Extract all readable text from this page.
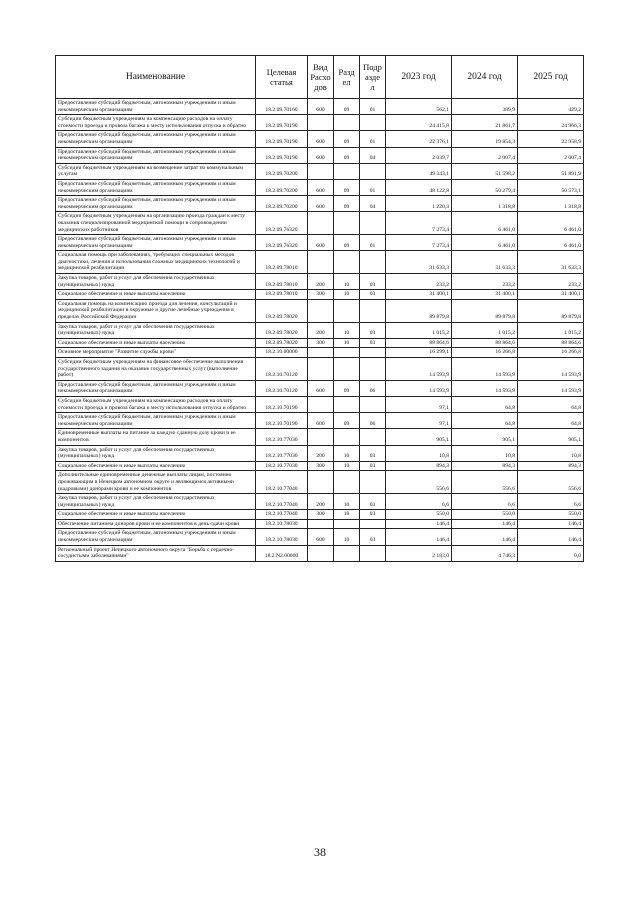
Наименование	Целевая статья	Вид Расхо дов	Разд ел	Подр азде л	2023 год	2024 год	2025 год
Предоставление субсидий бюджетным, автономным учреждениям и иным некоммерческим организациям	18.2.09.70160	600	09	01	562,1	389,9	429,2
Субсидии бюджетным учреждениям на компенсацию расходов на оплату стоимости проезда и провоза багажа к месту использования отпуска и обратно	18.2.09.70190				24 415,8	21 861,7	24 966,3
Предоставление субсидий бюджетным, автономным учреждениям и иным некоммерческим организациям	18.2.09.70190	600	09	01	22 376,1	19 854,3	22 958,9
Предоставление субсидий бюджетным, автономным учреждениям и иным некоммерческим организациям	18.2.09.70190	600	09	04	2 039,7	2 007,4	2 007,4
Субсидии бюджетным учреждениям на возмещение затрат по коммунальным услугам	18.2.09.70200				49 343,1	51 598,2	51 891,9
Предоставление субсидий бюджетным, автономным учреждениям и иным некоммерческим организациям	18.2.09.70200	600	09	01	48 122,8	50 279,4	50 573,1
Предоставление субсидий бюджетным, автономным учреждениям и иным некоммерческим организациям	18.2.09.70200	600	09	04	1 220,3	1 318,8	1 318,8
Субсидии бюджетным учреждениям на организацию проезда граждан к месту оказания специализированной медицинской помощи в сопровождении медицинских работников	18.2.09.76320				7 273,4	6 461,0	6 461,0
Предоставление субсидий бюджетным, автономным учреждениям и иным некоммерческим организациям	18.2.09.76320	600	09	01	7 273,4	6 461,0	6 461,0
Социальная помощь при заболеваниях, требующих специальных методов диагностики, лечения и использования сложных медицинских технологий и медицинской реабилитации	18.2.09.78010				31 633,3	31 633,3	31 633,3
Закупка товаров, работ и услуг для обеспечения государственных (муниципальных) нужд	18.2.09.78010	200	10	03	233,2	233,2	233,2
Социальное обеспечение и иные выплаты населению	18.2.09.78010	300	10	03	31 400,1	31 400,1	31 400,1
Социальная помощь на компенсацию проезда для лечения, консультаций и медицинской реабилитации в окружные и другие лечебные учреждения в пределах Российской Федерации	18.2.09.78020				89 879,8	89 879,8	89 879,8
Закупка товаров, работ и услуг для обеспечения государственных (муниципальных) нужд	18.2.09.78020	200	10	03	1 015,2	1 015,2	1 015,2
Социальное обеспечение и иные выплаты населению	18.2.09.78020	300	10	03	88 864,6	88 864,6	88 864,6
Основное мероприятие "Развитие службы крови"	18.2.10.00000				16 299,1	16 266,8	16 266,8
Субсидии бюджетным учреждениям на финансовое обеспечение выполнения государственного задания на оказание государственных услуг (выполнение работ)	18.2.10.70120				14 593,9	14 593,9	14 593,9
Предоставление субсидий бюджетным, автономным учреждениям и иным некоммерческим организациям	18.2.10.70120	600	09	06	14 593,9	14 593,9	14 593,9
Субсидии бюджетным учреждениям на компенсацию расходов на оплату стоимости проезда и провоза багажа к месту использования отпуска и обратно	18.2.10.70190				97,1	64,8	64,8
Предоставление субсидий бюджетным, автономным учреждениям и иным некоммерческим организациям	18.2.10.70190	600	09	06	97,1	64,8	64,8
Единовременные выплаты на питание за каждую сданную дозу крови и ее компонентов	18.2.10.77030				905,1	905,1	905,1
Закупка товаров, работ и услуг для обеспечения государственных (муниципальных) нужд	18.2.10.77030	200	10	03	10,8	10,8	10,8
Социальное обеспечение и иные выплаты населению	18.2.10.77030	300	10	03	894,3	894,3	894,3
Дополнительные единовременные денежные выплаты лицам, постоянно проживающим в Ненецком автономном округе и являющимся активными (кадровыми) донорами крови и ее компонентов	18.2.10.77040				556,6	556,6	556,6
Закупка товаров, работ и услуг для обеспечения государственных (муниципальных) нужд	18.2.10.77040	200	10	03	6,6	6,6	6,6
Социальное обеспечение и иные выплаты населению	18.2.10.77040	300	10	03	550,0	550,0	550,0
Обеспечение питанием доноров крови и ее компонентов в день сдачи крови	18.2.10.78030				146,4	146,4	146,4
Предоставление субсидий бюджетным, автономным учреждениям и иным некоммерческим организациям	18.2.10.78030	600	10	03	146,4	146,4	146,4
Региональный проект Ненецкого автономного округа "Борьба с сердечно-сосудистыми заболеваниями"	18.2.N2.00000				2 183,0	4 746,3	0,0
38
